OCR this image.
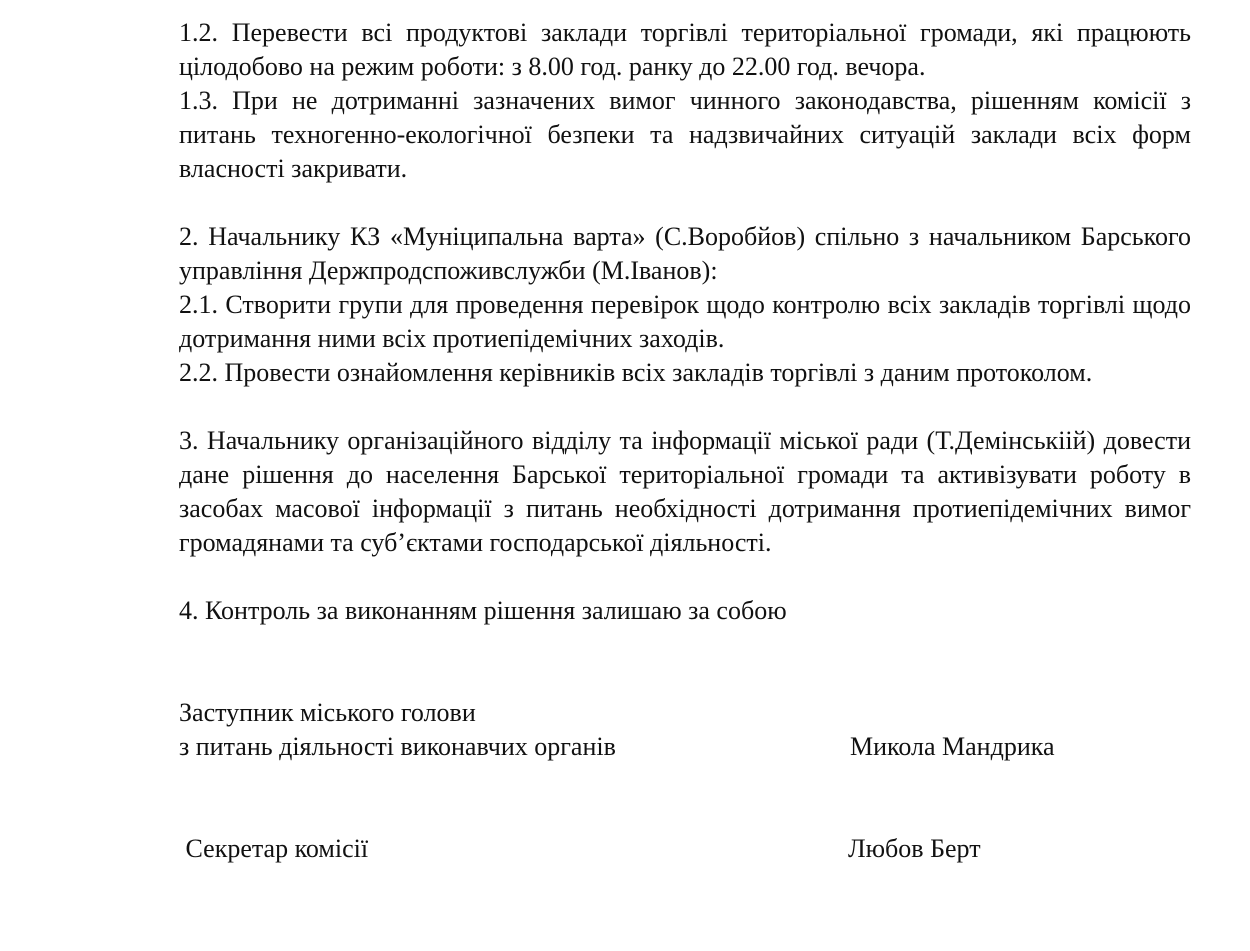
1.2. Перевести всі продуктові заклади торгівлі територіальної громади, які працюють цілодобово на режим роботи: з 8.00 год. ранку до 22.00 год. вечора.

1.3. При не дотриманні зазначених вимог чинного законодавства, рішенням комісії з питань техногенно-екологічної безпеки та надзвичайних ситуацій заклади всіх форм власності закривати.

2. Начальнику КЗ «Муніципальна варта» (С.Воробйов) спільно з начальником Барського управління Держпродспоживслужби (М.Іванов):

2.1. Створити групи для проведення перевірок щодо контролю всіх закладів торгівлі щодо дотримання ними всіх протиепідемічних заходів.

2.2. Провести ознайомлення керівників всіх закладів торгівлі з даним протоколом.

3. Начальнику організаційного відділу та інформації міської ради (Т.Демінськіій) довести дане рішення до населення Барської територіальної громади та активізувати роботу в засобах масової інформації з питань необхідності дотримання протиепідемічних вимог громадянами та суб’єктами господарської діяльності.

4. Контроль за виконанням рішення залишаю за собою

Заступник міського голови
з питань діяльності виконавчих органів	Микола Мандрика
Секретар комісії	Любов Берт
